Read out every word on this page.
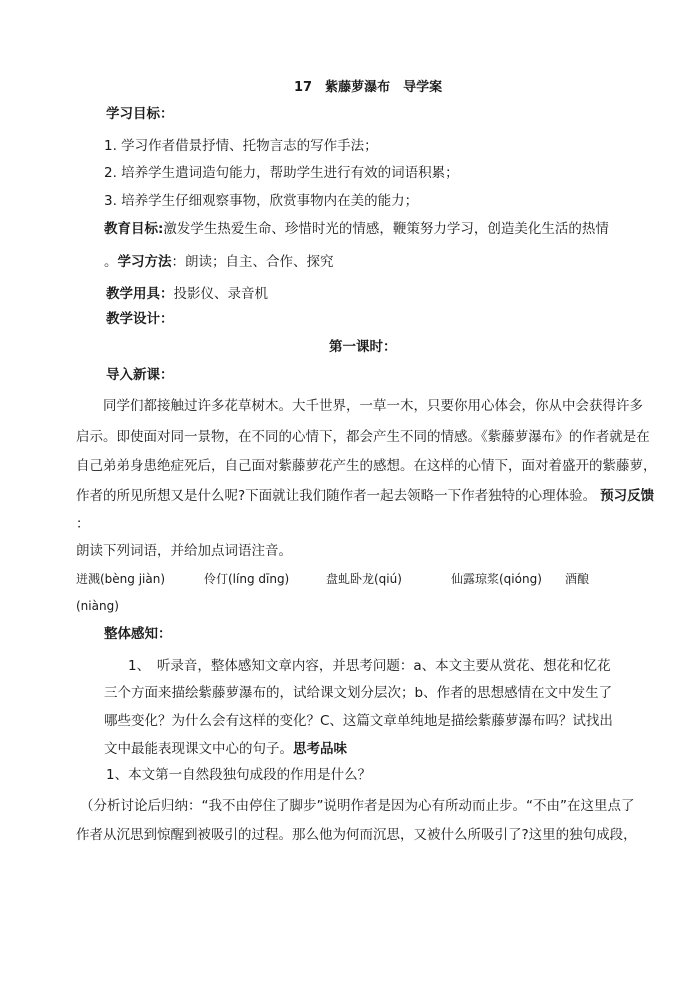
17　紫藤萝瀑布　导学案
学习目标：
1. 学习作者借景抒情、托物言志的写作手法；
2. 培养学生遣词造句能力，帮助学生进行有效的词语积累；
3. 培养学生仔细观察事物，欣赏事物内在美的能力；
教育目标:激发学生热爱生命、珍惜时光的情感，鞭策努力学习，创造美化生活的热情
。学习方法：朗读；自主、合作、探究
教学用具：投影仪、录音机
教学设计：
第一课时：
导入新课：
同学们都接触过许多花草树木。大千世界，一草一木，只要你用心体会，你从中会获得许多
启示。即使面对同一景物，在不同的心情下，都会产生不同的情感。《紫藤萝瀑布》的作者就是在
自己弟弟身患绝症死后，自己面对紫藤萝花产生的感想。在这样的心情下，面对着盛开的紫藤萝，
作者的所见所想又是什么呢?下面就让我们随作者一起去领略一下作者独特的心理体验。 预习反馈
：
朗读下列词语，并给加点词语注音。
迸溅(bèng jiàn)	伶仃(líng dīng)	盘虬卧龙(qiú)	仙露琼浆(qióng) 酒酿
(niàng)
整体感知：
1、　听录音，整体感知文章内容，并思考问题：a、本文主要从赏花、想花和忆花
三个方面来描绘紫藤萝瀑布的，试给课文划分层次；b、作者的思想感情在文中发生了
哪些变化？为什么会有这样的变化？C、这篇文章单纯地是描绘紫藤萝瀑布吗？试找出
文中最能表现课文中心的句子。思考品味
1、本文第一自然段独句成段的作用是什么？
（分析讨论后归纳：“我不由停住了脚步”说明作者是因为心有所动而止步。“不由”在这里点了
作者从沉思到惊醒到被吸引的过程。那么他为何而沉思，又被什么所吸引了?这里的独句成段，
